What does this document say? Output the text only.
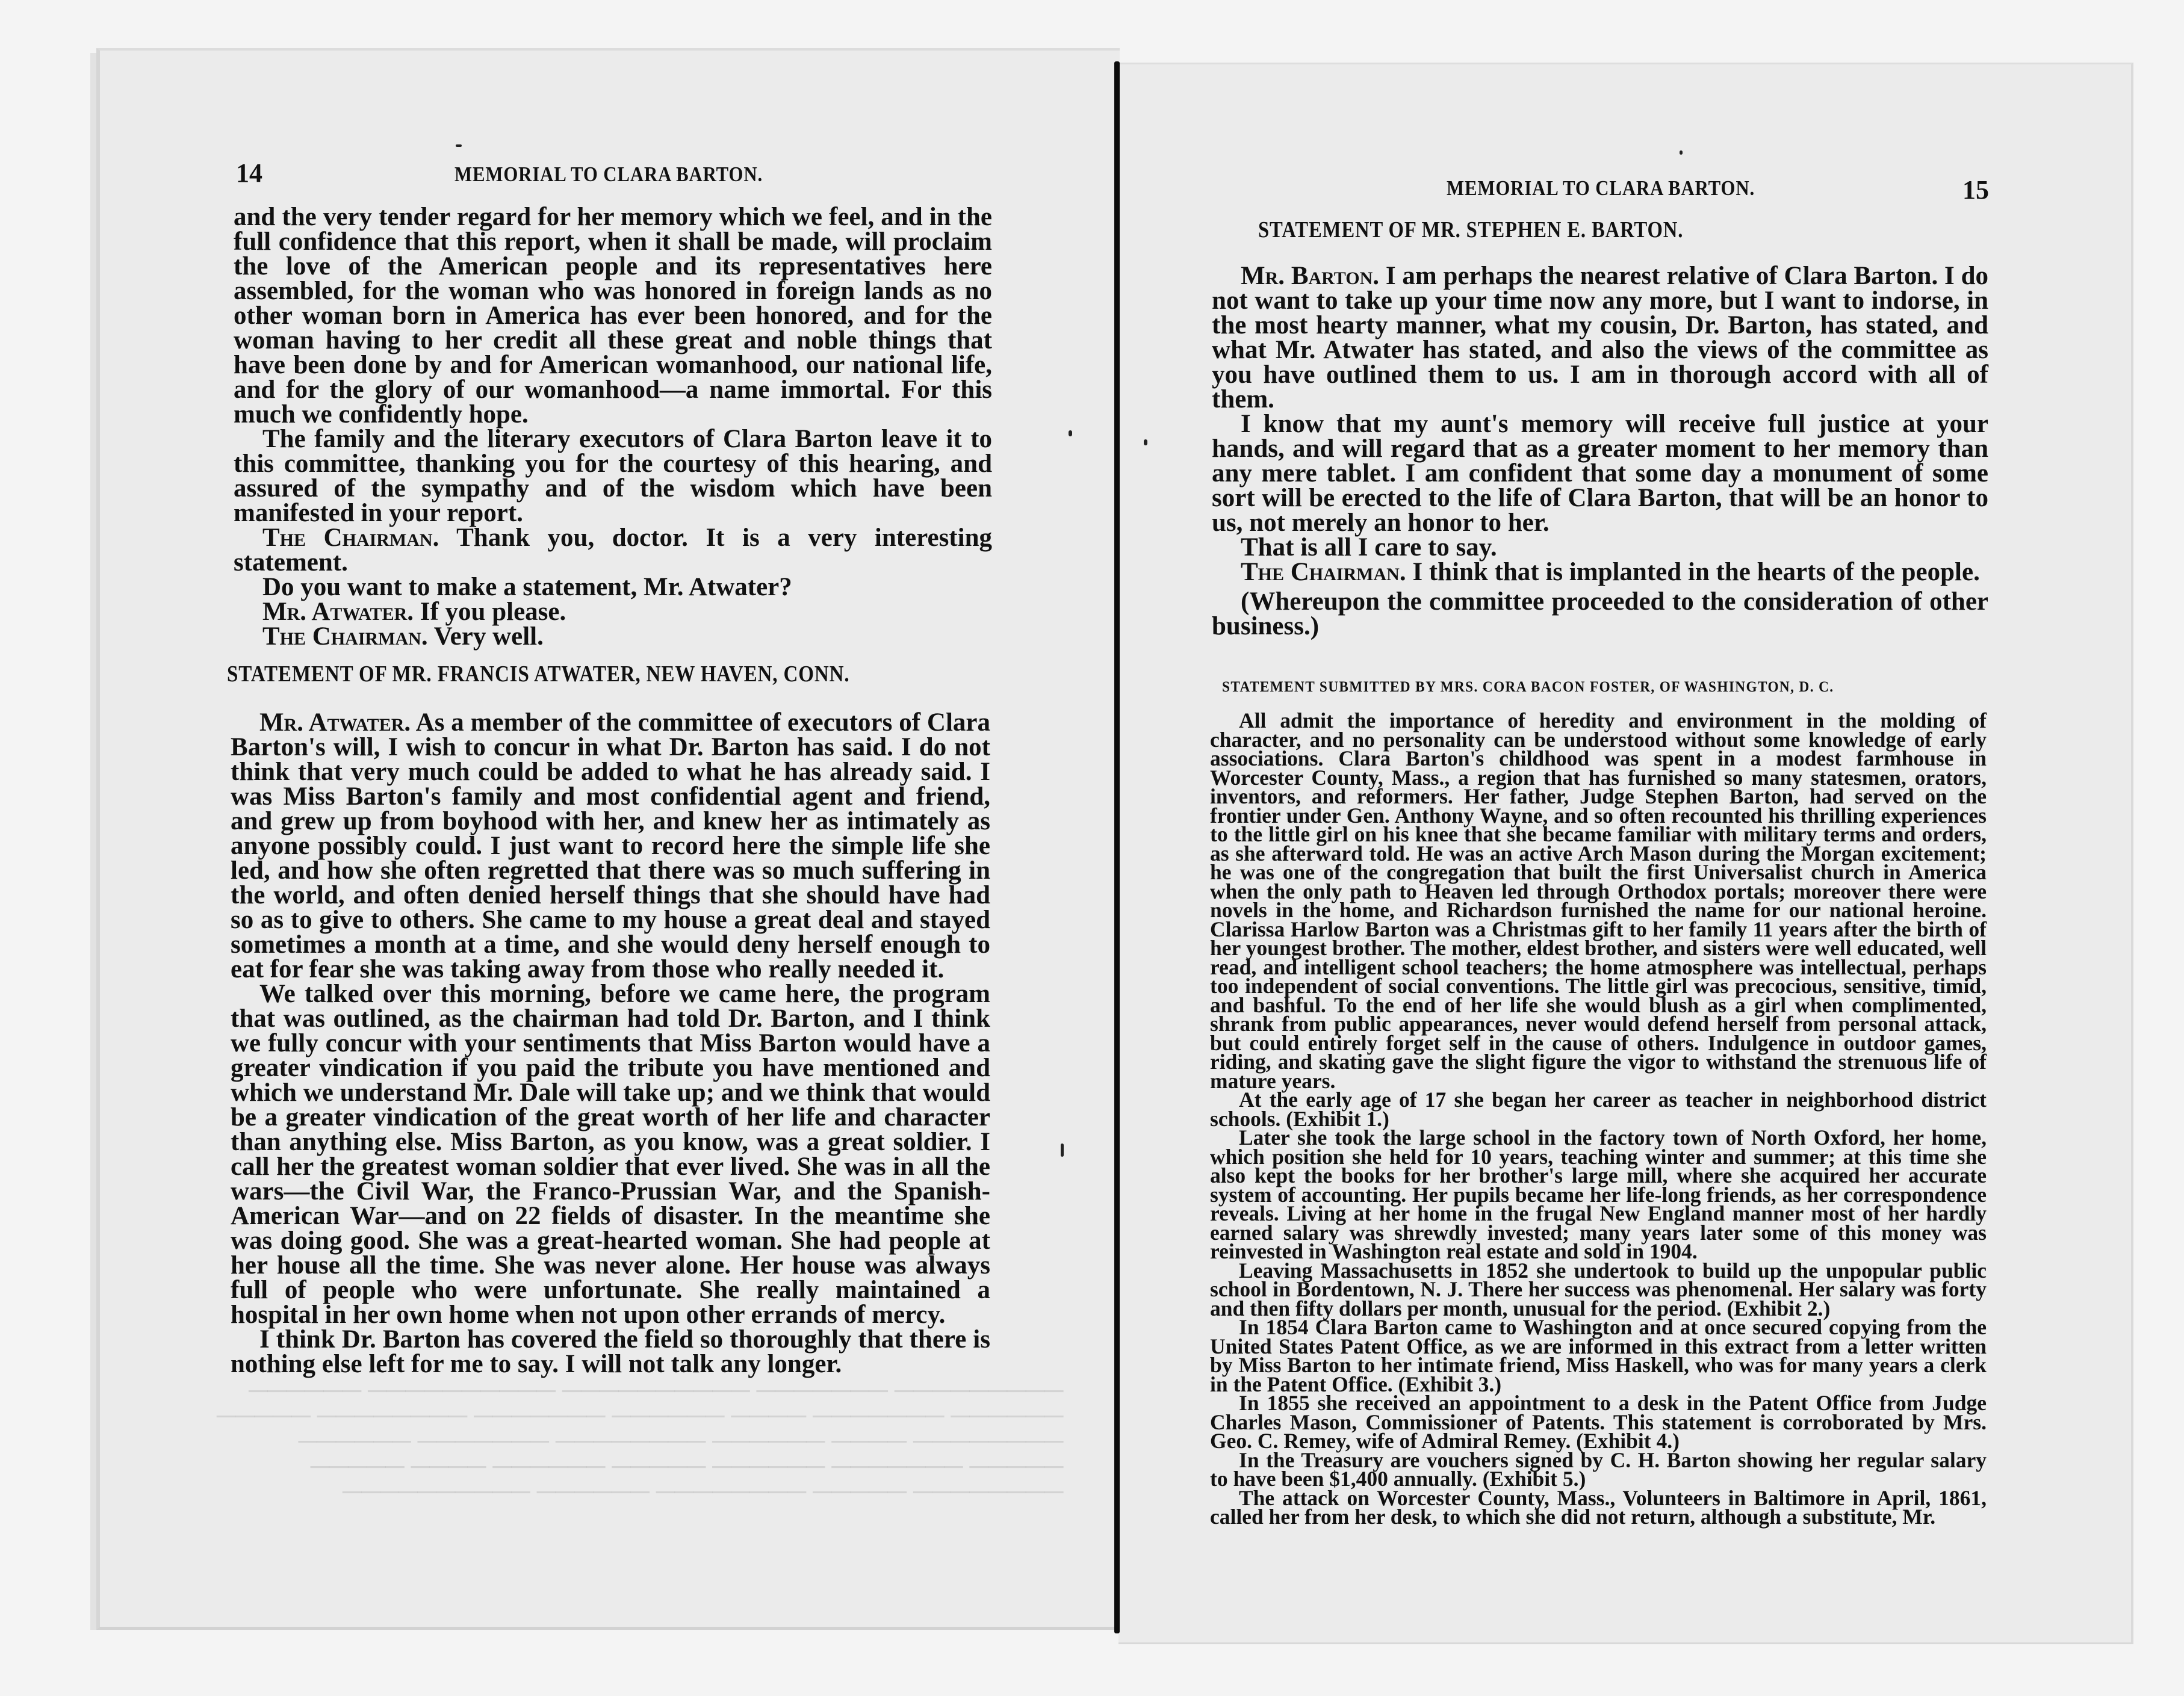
───────── ─────── ────────── ────────── ──────
────── ─────── ──── ────── ─────── ──────── ─────
──────── ──── ────── ──────── ─────── ──────
───── ─────── ────── ───── ────── ──── ─────
──────── ───── ──────── ────── ──────────
14	MEMORIAL TO CLARA BARTON.

and the very tender regard for her memory which we feel, and in the full confidence that this report, when it shall be made, will proclaim the love of the American people and its representatives here assembled, for the woman who was honored in foreign lands as no other woman born in America has ever been honored, and for the woman having to her credit all these great and noble things that have been done by and for American womanhood, our national life, and for the glory of our womanhood—a name immortal. For this much we confidently hope.

The family and the literary executors of Clara Barton leave it to this committee, thanking you for the courtesy of this hearing, and assured of the sympathy and of the wisdom which have been manifested in your report.

The Chairman. Thank you, doctor. It is a very interesting statement.

Do you want to make a statement, Mr. Atwater?

Mr. Atwater. If you please.

The Chairman. Very well.

STATEMENT OF MR. FRANCIS ATWATER, NEW HAVEN, CONN.

Mr. Atwater. As a member of the committee of executors of Clara Barton's will, I wish to concur in what Dr. Barton has said. I do not think that very much could be added to what he has already said. I was Miss Barton's family and most confidential agent and friend, and grew up from boyhood with her, and knew her as intimately as anyone possibly could. I just want to record here the simple life she led, and how she often regretted that there was so much suffering in the world, and often denied herself things that she should have had so as to give to others. She came to my house a great deal and stayed sometimes a month at a time, and she would deny herself enough to eat for fear she was taking away from those who really needed it.

We talked over this morning, before we came here, the program that was outlined, as the chairman had told Dr. Barton, and I think we fully concur with your sentiments that Miss Barton would have a greater vindication if you paid the tribute you have mentioned and which we understand Mr. Dale will take up; and we think that would be a greater vindication of the great worth of her life and character than anything else. Miss Barton, as you know, was a great soldier. I call her the greatest woman soldier that ever lived. She was in all the wars—the Civil War, the Franco-Prussian War, and the Spanish-American War—and on 22 fields of disaster. In the meantime she was doing good. She was a great-hearted woman. She had people at her house all the time. She was never alone. Her house was always full of people who were unfortunate. She really maintained a hospital in her own home when not upon other errands of mercy.

I think Dr. Barton has covered the field so thoroughly that there is nothing else left for me to say. I will not talk any longer.

MEMORIAL TO CLARA BARTON.	15
STATEMENT OF MR. STEPHEN E. BARTON.

Mr. Barton. I am perhaps the nearest relative of Clara Barton. I do not want to take up your time now any more, but I want to indorse, in the most hearty manner, what my cousin, Dr. Barton, has stated, and what Mr. Atwater has stated, and also the views of the committee as you have outlined them to us. I am in thorough accord with all of them.

I know that my aunt's memory will receive full justice at your hands, and will regard that as a greater moment to her memory than any mere tablet. I am confident that some day a monument of some sort will be erected to the life of Clara Barton, that will be an honor to us, not merely an honor to her.

That is all I care to say.

The Chairman. I think that is implanted in the hearts of the people.

(Whereupon the committee proceeded to the consideration of other business.)

STATEMENT SUBMITTED BY MRS. CORA BACON FOSTER, OF WASHINGTON, D. C.

All admit the importance of heredity and environment in the molding of character, and no personality can be understood without some knowledge of early associations. Clara Barton's childhood was spent in a modest farmhouse in Worcester County, Mass., a region that has furnished so many statesmen, orators, inventors, and reformers. Her father, Judge Stephen Barton, had served on the frontier under Gen. Anthony Wayne, and so often recounted his thrilling experiences to the little girl on his knee that she became familiar with military terms and orders, as she afterward told. He was an active Arch Mason during the Morgan excitement; he was one of the congregation that built the first Universalist church in America when the only path to Heaven led through Orthodox portals; moreover there were novels in the home, and Richardson furnished the name for our national heroine. Clarissa Harlow Barton was a Christmas gift to her family 11 years after the birth of her youngest brother. The mother, eldest brother, and sisters were well educated, well read, and intelligent school teachers; the home atmosphere was intellectual, perhaps too independent of social conventions. The little girl was precocious, sensitive, timid, and bashful. To the end of her life she would blush as a girl when complimented, shrank from public appearances, never would defend herself from personal attack, but could entirely forget self in the cause of others. Indulgence in outdoor games, riding, and skating gave the slight figure the vigor to withstand the strenuous life of mature years.

At the early age of 17 she began her career as teacher in neighborhood district schools. (Exhibit 1.)

Later she took the large school in the factory town of North Oxford, her home, which position she held for 10 years, teaching winter and summer; at this time she also kept the books for her brother's large mill, where she acquired her accurate system of accounting. Her pupils became her life-long friends, as her correspondence reveals. Living at her home in the frugal New England manner most of her hardly earned salary was shrewdly invested; many years later some of this money was reinvested in Washington real estate and sold in 1904.

Leaving Massachusetts in 1852 she undertook to build up the unpopular public school in Bordentown, N. J. There her success was phenomenal. Her salary was forty and then fifty dollars per month, unusual for the period. (Exhibit 2.)

In 1854 Clara Barton came to Washington and at once secured copying from the United States Patent Office, as we are informed in this extract from a letter written by Miss Barton to her intimate friend, Miss Haskell, who was for many years a clerk in the Patent Office. (Exhibit 3.)

In 1855 she received an appointment to a desk in the Patent Office from Judge Charles Mason, Commissioner of Patents. This statement is corroborated by Mrs. Geo. C. Remey, wife of Admiral Remey. (Exhibit 4.)

In the Treasury are vouchers signed by C. H. Barton showing her regular salary to have been $1,400 annually. (Exhibit 5.)

The attack on Worcester County, Mass., Volunteers in Baltimore in April, 1861, called her from her desk, to which she did not return, although a substitute, Mr.
